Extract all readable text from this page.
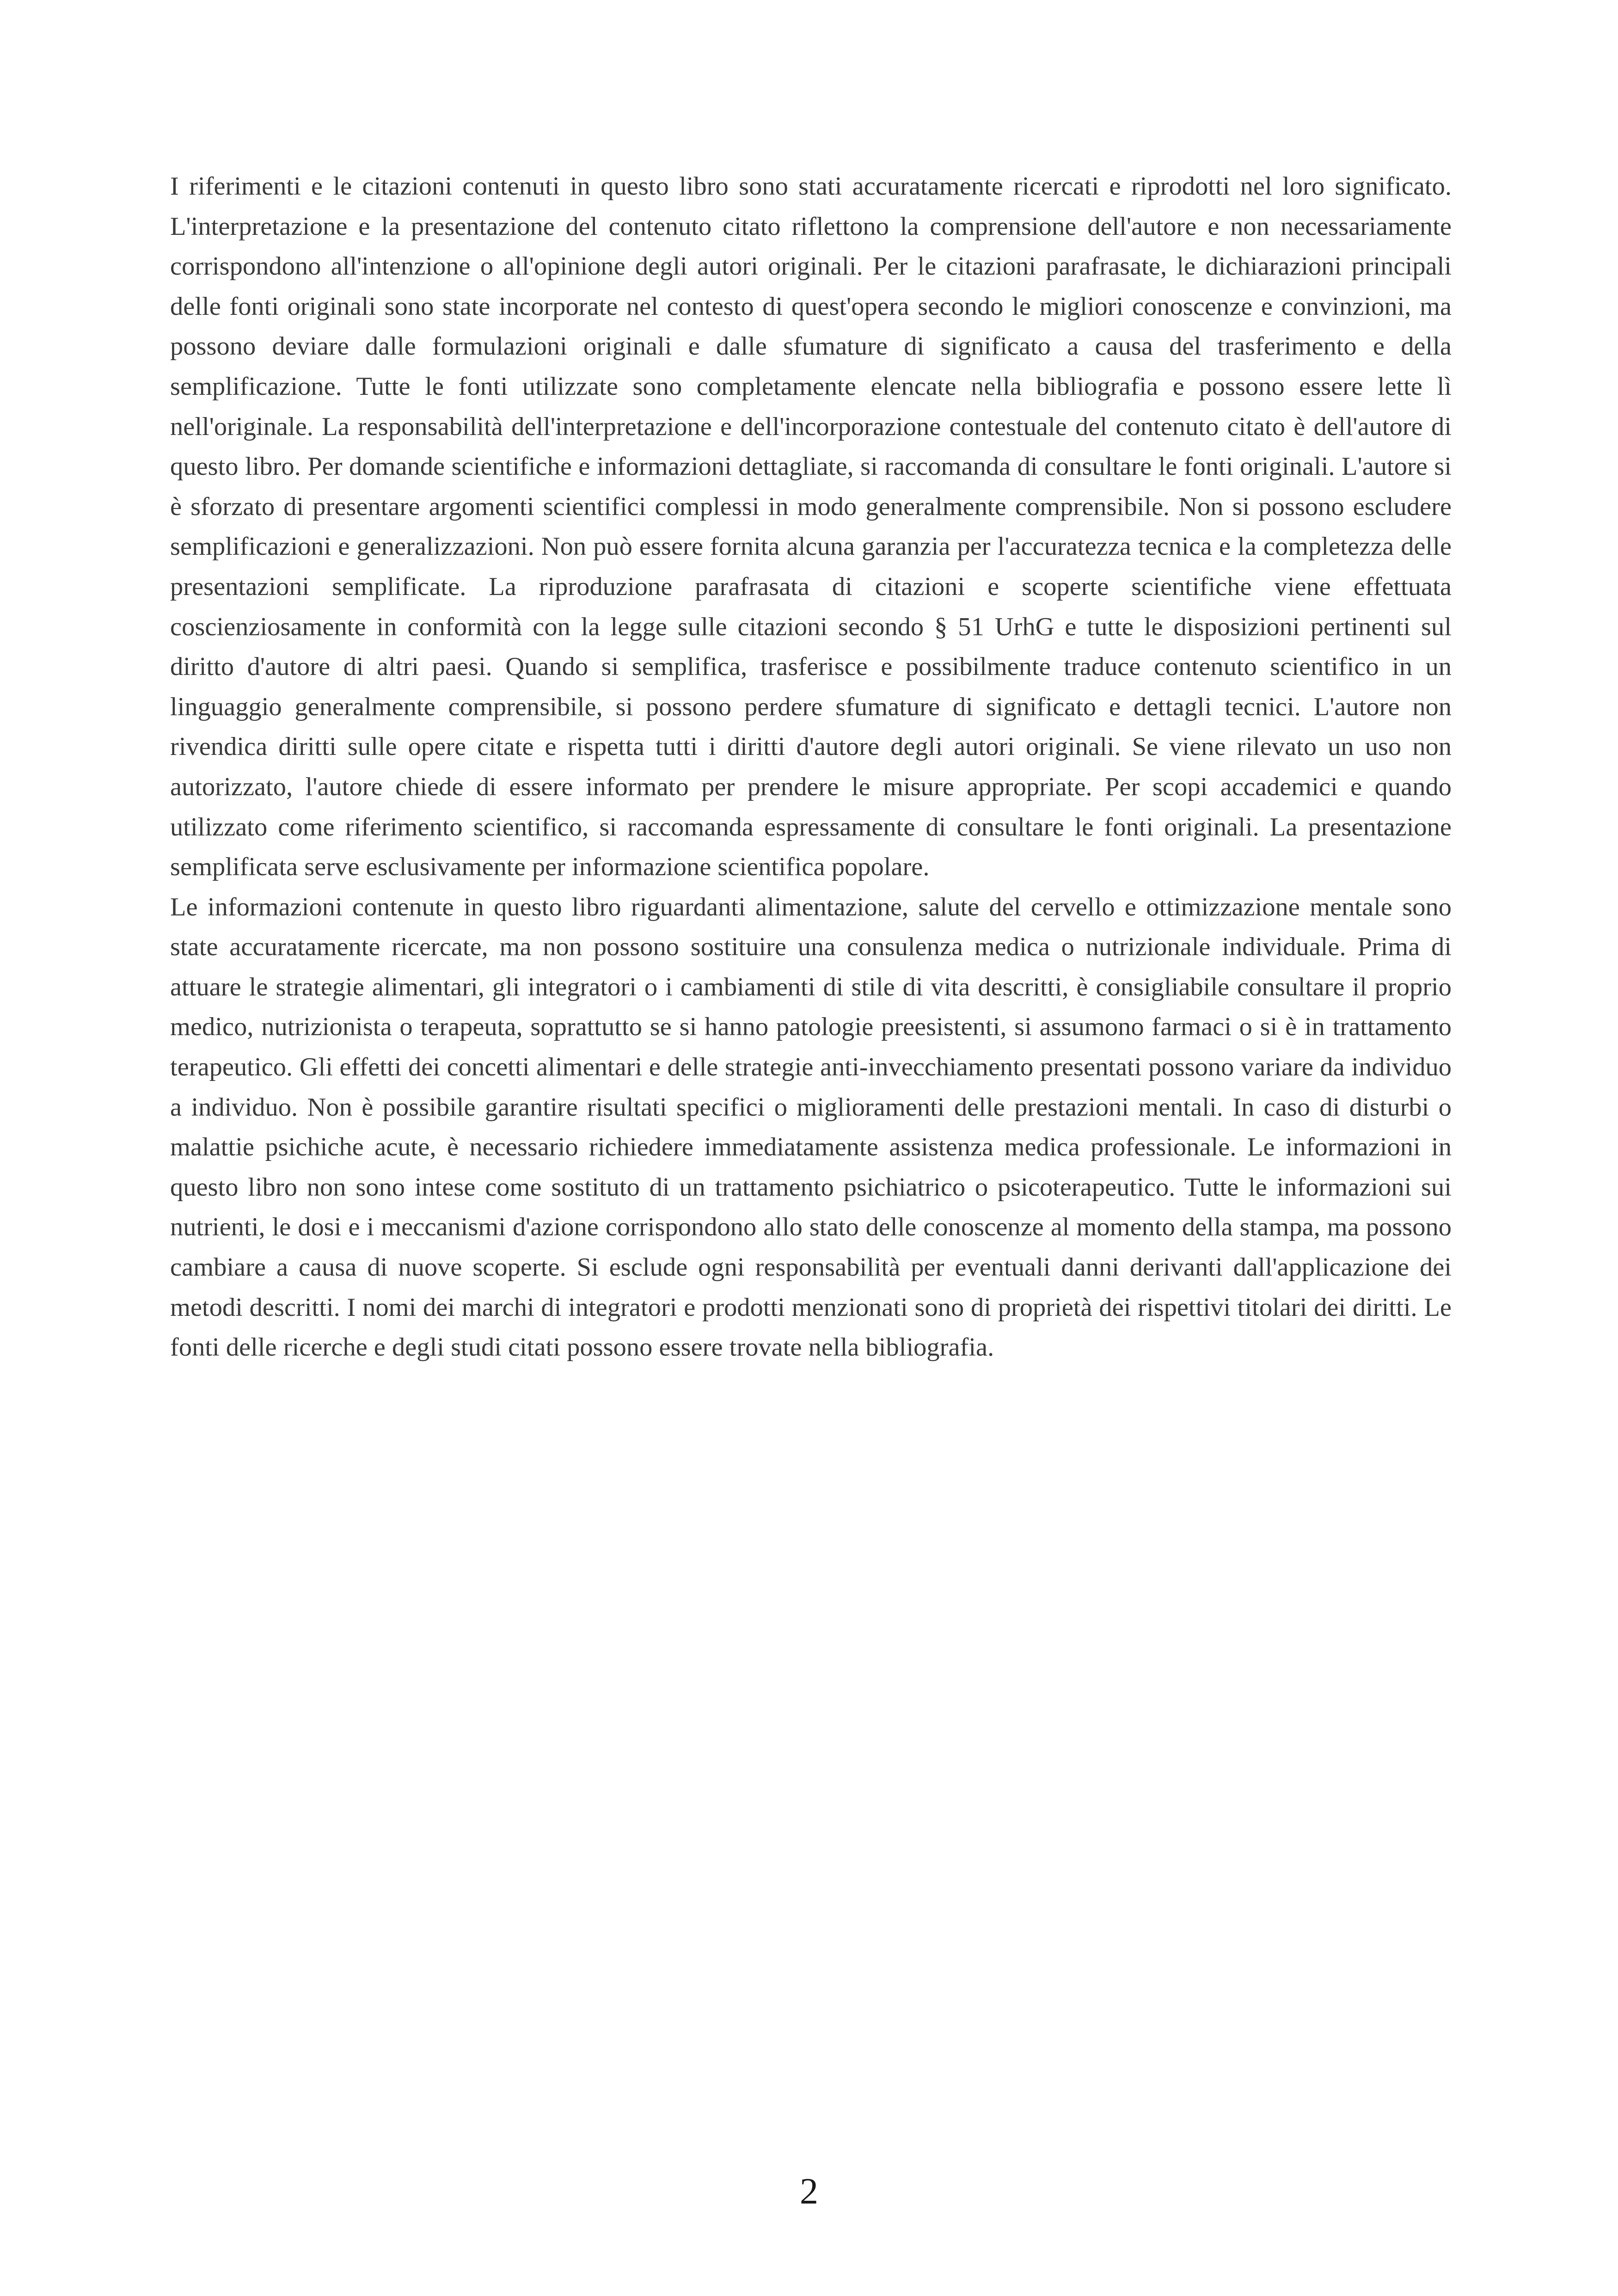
I riferimenti e le citazioni contenuti in questo libro sono stati accuratamente ricercati e riprodotti nel loro significato. L'interpretazione e la presentazione del contenuto citato riflettono la comprensione dell'autore e non necessariamente corrispondono all'intenzione o all'opinione degli autori originali. Per le citazioni parafrasate, le dichiarazioni principali delle fonti originali sono state incorporate nel contesto di quest'opera secondo le migliori conoscenze e convinzioni, ma possono deviare dalle formulazioni originali e dalle sfumature di significato a causa del trasferimento e della semplificazione. Tutte le fonti utilizzate sono completamente elencate nella bibliografia e possono essere lette lì nell'originale. La responsabilità dell'interpretazione e dell'incorporazione contestuale del contenuto citato è dell'autore di questo libro. Per domande scientifiche e informazioni dettagliate, si raccomanda di consultare le fonti originali. L'autore si è sforzato di presentare argomenti scientifici complessi in modo generalmente comprensibile. Non si possono escludere semplificazioni e generalizzazioni. Non può essere fornita alcuna garanzia per l'accuratezza tecnica e la completezza delle presentazioni semplificate. La riproduzione parafrasata di citazioni e scoperte scientifiche viene effettuata coscienziosamente in conformità con la legge sulle citazioni secondo § 51 UrhG e tutte le disposizioni pertinenti sul diritto d'autore di altri paesi. Quando si semplifica, trasferisce e possibilmente traduce contenuto scientifico in un linguaggio generalmente comprensibile, si possono perdere sfumature di significato e dettagli tecnici. L'autore non rivendica diritti sulle opere citate e rispetta tutti i diritti d'autore degli autori originali. Se viene rilevato un uso non autorizzato, l'autore chiede di essere informato per prendere le misure appropriate. Per scopi accademici e quando utilizzato come riferimento scientifico, si raccomanda espressamente di consultare le fonti originali. La presentazione semplificata serve esclusivamente per informazione scientifica popolare.

Le informazioni contenute in questo libro riguardanti alimentazione, salute del cervello e ottimizzazione mentale sono state accuratamente ricercate, ma non possono sostituire una consulenza medica o nutrizionale individuale. Prima di attuare le strategie alimentari, gli integratori o i cambiamenti di stile di vita descritti, è consigliabile consultare il proprio medico, nutrizionista o terapeuta, soprattutto se si hanno patologie preesistenti, si assumono farmaci o si è in trattamento terapeutico. Gli effetti dei concetti alimentari e delle strategie anti-invecchiamento presentati possono variare da individuo a individuo. Non è possibile garantire risultati specifici o miglioramenti delle prestazioni mentali. In caso di disturbi o malattie psichiche acute, è necessario richiedere immediatamente assistenza medica professionale. Le informazioni in questo libro non sono intese come sostituto di un trattamento psichiatrico o psicoterapeutico. Tutte le informazioni sui nutrienti, le dosi e i meccanismi d'azione corrispondono allo stato delle conoscenze al momento della stampa, ma possono cambiare a causa di nuove scoperte. Si esclude ogni responsabilità per eventuali danni derivanti dall'applicazione dei metodi descritti. I nomi dei marchi di integratori e prodotti menzionati sono di proprietà dei rispettivi titolari dei diritti. Le fonti delle ricerche e degli studi citati possono essere trovate nella bibliografia.

2
